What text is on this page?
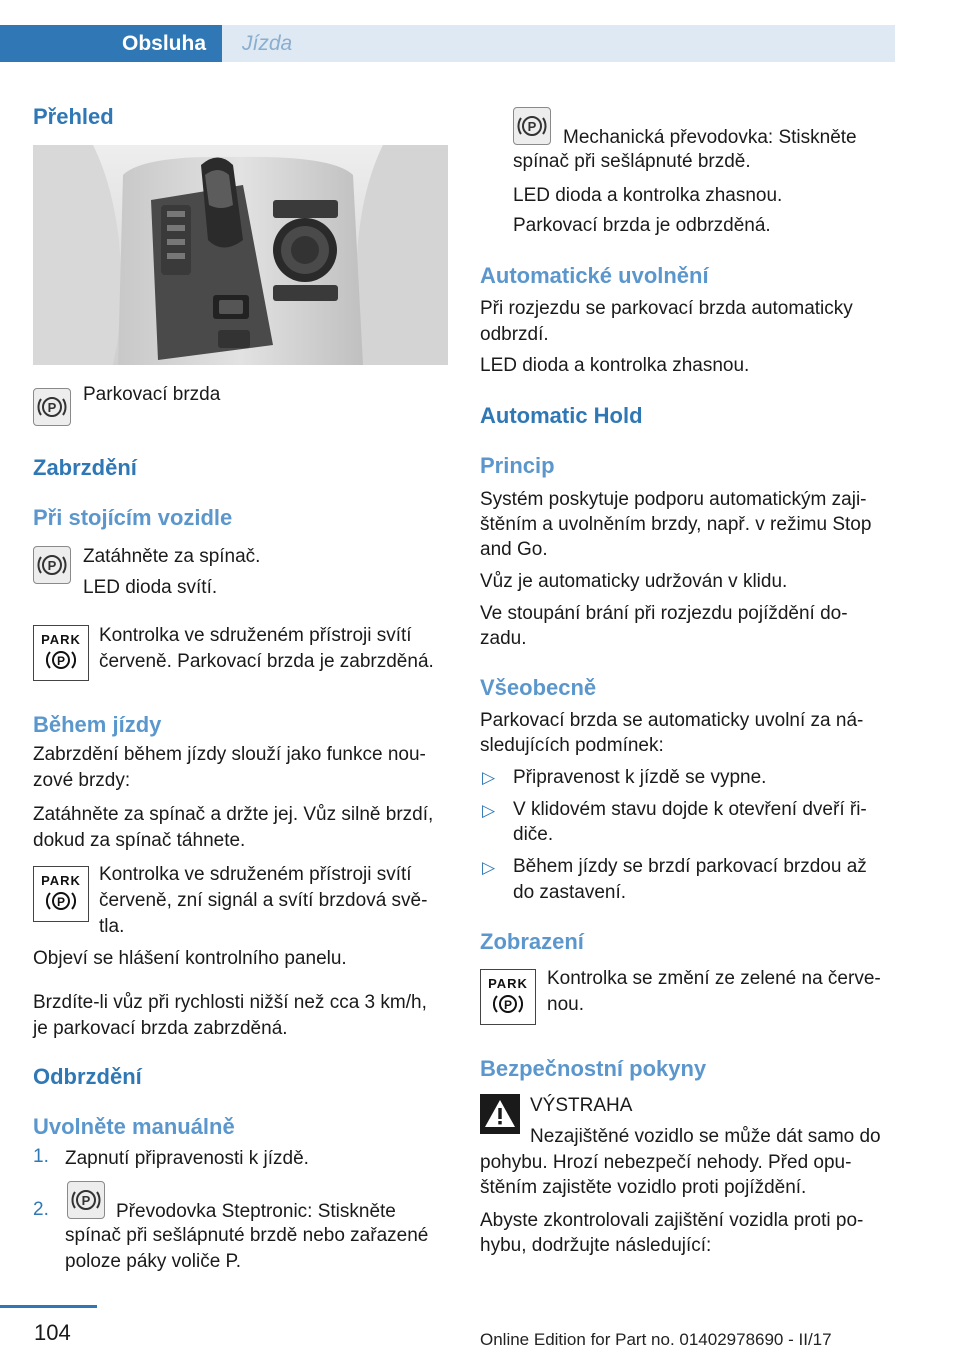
Obsluha	Jízda
Přehled
P
Parkovací brzda
Zabrzdění
Při stojícím vozidle
P Zatáhněte za spínač.
LED dioda svítí.
PARK
P
Kontrolka ve sdruženém přístroji svítí
červeně. Parkovací brzda je zabrzděná.
Během jízdy
Zabrzdění během jízdy slouží jako funkce nou‐
zové brzdy:
Zatáhněte za spínač a držte jej. Vůz silně brzdí,
dokud za spínač táhnete.
PARK
P
Kontrolka ve sdruženém přístroji svítí
červeně, zní signál a svítí brzdová svě‐
tla.
Objeví se hlášení kontrolního panelu.
Brzdíte-li vůz při rychlosti nižší než cca 3 km/h,
je parkovací brzda zabrzděná.
Odbrzdění
Uvolněte manuálně
1. Zapnutí připravenosti k jízdě.
2.	P
Převodovka Steptronic: Stiskněte
spínač při sešlápnuté brzdě nebo zařazené
poloze páky voliče P.
P
Mechanická převodovka: Stiskněte
spínač při sešlápnuté brzdě.
LED dioda a kontrolka zhasnou.
Parkovací brzda je odbrzděná.
Automatické uvolnění
Při rozjezdu se parkovací brzda automaticky
odbrzdí.
LED dioda a kontrolka zhasnou.
Automatic Hold
Princip
Systém poskytuje podporu automatickým zaji‐
štěním a uvolněním brzdy, např. v režimu Stop
and Go.
Vůz je automaticky udržován v klidu.
Ve stoupání brání při rozjezdu pojíždění do‐
zadu.
Všeobecně
Parkovací brzda se automaticky uvolní za ná‐
sledujících podmínek:
▷ Připravenost k jízdě se vypne.
▷ V klidovém stavu dojde k otevření dveří ři‐
diče.
▷ Během jízdy se brzdí parkovací brzdou až
do zastavení.
Zobrazení
PARK
P
Kontrolka se změní ze zelené na červe‐
nou.
Bezpečnostní pokyny
VÝSTRAHA
Nezajištěné vozidlo se může dát samo do
pohybu. Hrozí nebezpečí nehody. Před opu‐
štěním zajistěte vozidlo proti pojíždění.
Abyste zkontrolovali zajištění vozidla proti po‐
hybu, dodržujte následující:
104	Online Edition for Part no. 01402978690 - II/17
